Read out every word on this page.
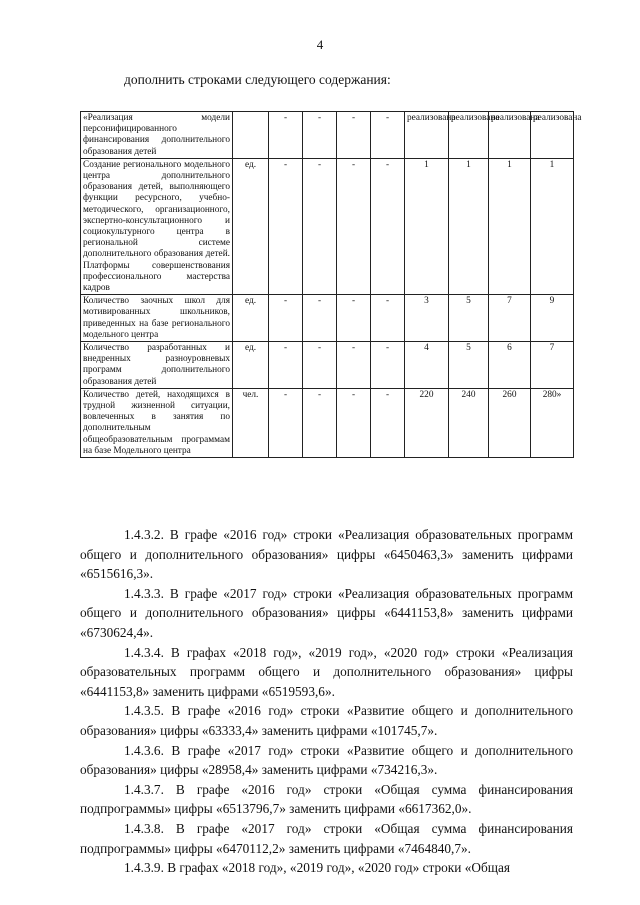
4
дополнить строками следующего содержания:
«Реализация модели персонифицированного финансирования дополнительного образования детей		-	-	-	-	реализована	реализована	реализована	реализована
Создание регионального модельного центра дополнительного образования детей, выполняющего функции ресурсного, учебно-методического, организационного, экспертно-консультационного и социокультурного центра в региональной системе дополнительного образования детей. Платформы совершенствования профессионального мастерства кадров	ед.	-	-	-	-	1	1	1	1
Количество заочных школ для мотивированных школьников, приведенных на базе регионального модельного центра	ед.	-	-	-	-	3	5	7	9
Количество разработанных и внедренных разноуровневых программ дополнительного образования детей	ед.	-	-	-	-	4	5	6	7
Количество детей, находящихся в трудной жизненной ситуации, вовлеченных в занятия по дополнительным общеобразовательным программам на базе Модельного центра	чел.	-	-	-	-	220	240	260	280»

1.4.3.2. В графе «2016 год» строки «Реализация образовательных программ общего и дополнительного образования» цифры «6450463,3» заменить цифрами «6515616,3».

1.4.3.3. В графе «2017 год» строки «Реализация образовательных программ общего и дополнительного образования» цифры «6441153,8» заменить цифрами «6730624,4».

1.4.3.4. В графах «2018 год», «2019 год», «2020 год» строки «Реализация образовательных программ общего и дополнительного образования» цифры «6441153,8» заменить цифрами «6519593,6».

1.4.3.5. В графе «2016 год» строки «Развитие общего и дополнительного образования» цифры «63333,4» заменить цифрами «101745,7».

1.4.3.6. В графе «2017 год» строки «Развитие общего и дополнительного образования» цифры «28958,4» заменить цифрами «734216,3».

1.4.3.7. В графе «2016 год» строки «Общая сумма финансирования подпрограммы» цифры «6513796,7» заменить цифрами «6617362,0».

1.4.3.8. В графе «2017 год» строки «Общая сумма финансирования подпрограммы» цифры «6470112,2» заменить цифрами «7464840,7».

1.4.3.9. В графах «2018 год», «2019 год», «2020 год» строки «Общая
